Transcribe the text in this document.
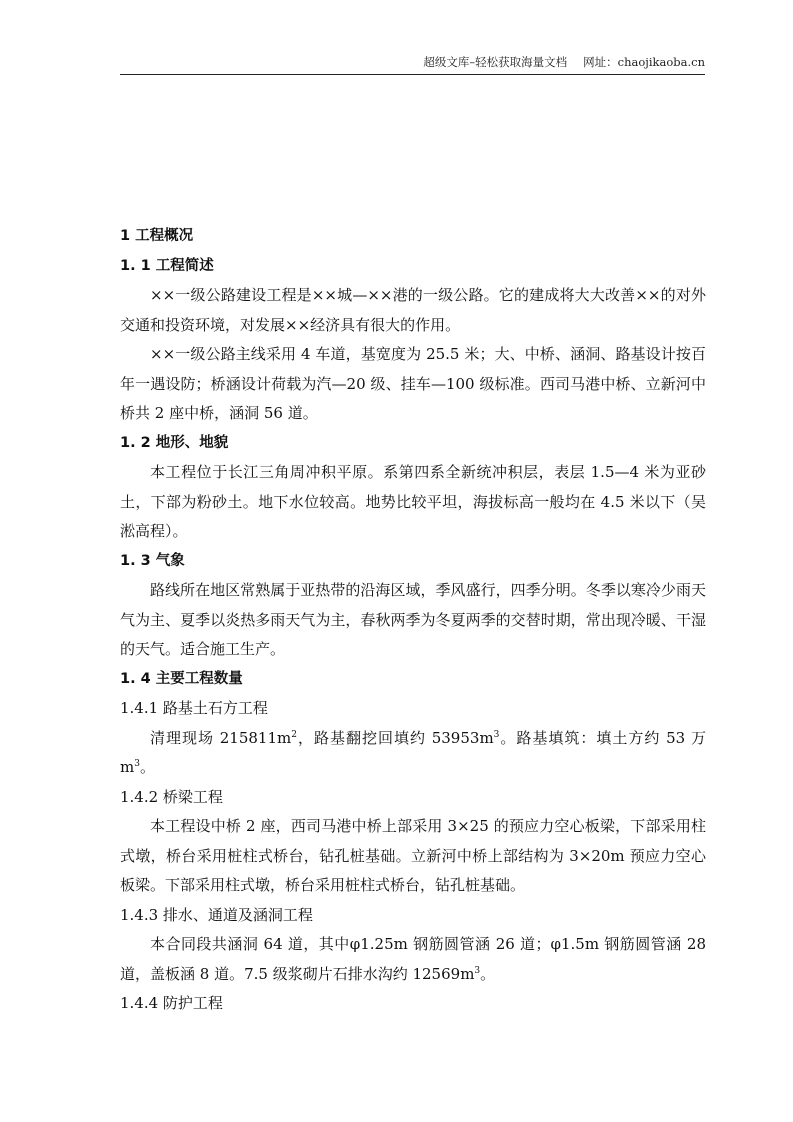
超级文库–轻松获取海量文档 网址：chaojikaoba.cn

1 工程概况

1. 1 工程简述

××一级公路建设工程是××城—××港的一级公路。它的建成将大大改善××的对外交通和投资环境，对发展××经济具有很大的作用。

××一级公路主线采用 4 车道，基宽度为 25.5 米；大、中桥、涵洞、路基设计按百年一遇设防；桥涵设计荷载为汽—20 级、挂车—100 级标准。西司马港中桥、立新河中桥共 2 座中桥，涵洞 56 道。

1. 2 地形、地貌

本工程位于长江三角周冲积平原。系第四系全新统冲积层，表层 1.5—4 米为亚砂土，下部为粉砂土。地下水位较高。地势比较平坦，海拔标高一般均在 4.5 米以下（吴淞高程）。

1. 3 气象

路线所在地区常熟属于亚热带的沿海区域，季风盛行，四季分明。冬季以寒冷少雨天气为主、夏季以炎热多雨天气为主，春秋两季为冬夏两季的交替时期，常出现冷暖、干湿的天气。适合施工生产。

1. 4 主要工程数量

1.4.1 路基土石方工程

清理现场 $215811m^2$，路基翻挖回填约 $53953m^3$。路基填筑：填土方约 53 万 $m^3$。

1.4.2 桥梁工程

本工程设中桥 2 座，西司马港中桥上部采用 3×25 的预应力空心板梁，下部采用柱式墩，桥台采用桩柱式桥台，钻孔桩基础。立新河中桥上部结构为 3×20m 预应力空心板梁。下部采用柱式墩，桥台采用桩柱式桥台，钻孔桩基础。

1.4.3 排水、通道及涵洞工程

本合同段共涵洞 64 道，其中φ1.25m 钢筋圆管涵 26 道；φ1.5m 钢筋圆管涵 28 道，盖板涵 8 道。7.5 级浆砌片石排水沟约 $12569m^3$。

1.4.4 防护工程
